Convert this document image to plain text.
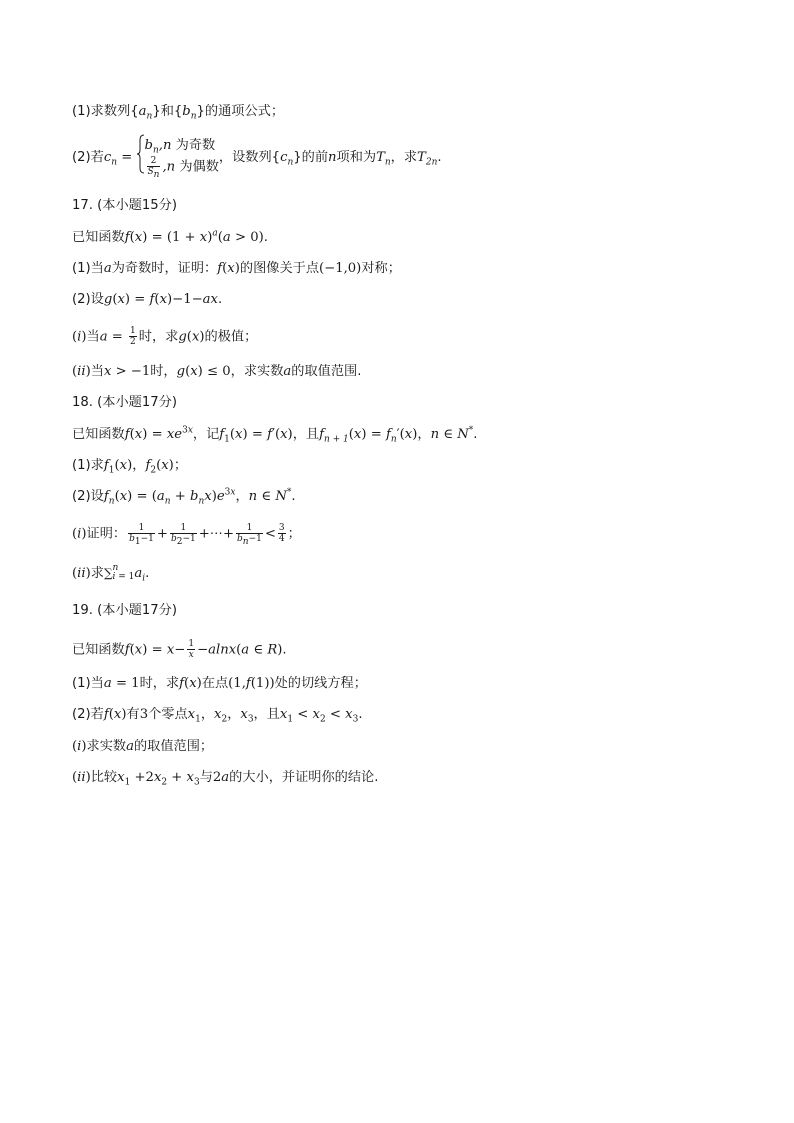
(1)求数列$\{a_n\}$和$\{b_n\}$的通项公式；
(2)若$c_n$ =
$b_n,n$ 为奇数
$\frac{2}{S_n} ,n$ 为偶数
，设数列$\{c_n\}$的前n项和为$T_n$，求$T_{2n}$.
17. (本小题15分)
已知函数$f(x) = (1 + x)^a(a > 0)$.
(1)当a为奇数时，证明：f(x)的图像关于点(−1,0)对称；
(2)设g(x) = f(x)−1−ax.
(i)当$a = \frac{1}{2}$ 时，求g(x)的极值；
(ii)当x > −1时，g(x) ≤ 0，求实数a的取值范围.
18. (本小题17分)
已知函数$f(x) = xe^{3x}$，记$f_1(x) = f'(x)$，且$f_{n + 1}(x) = f_n'(x)$，n ∈ N*.
(1)求$f_1(x)$，$f_2(x)$；
(2)设$f_n(x) = (a_n + b_nx)e^{3x}$，n ∈ N*.
(i)证明： $\frac{1}{b_1-1} + \frac{1}{b_2-1}$ +⋯+ $\frac{1}{b_n-1} < \frac{3}{4}$ ；
(ii)求∑ n
i = 1 $a_i$.
19. (本小题17分)
已知函数$f(x) = x- \frac{1}{x} -alnx(a$ ∈ R).
(1)当a = 1时，求f(x)在点(1,f(1))处的切线方程；
(2)若f(x)有3个零点$x_1$，$x_2$，$x_3$，且$x_1 < x_2 < x_3$.
(i)求实数a的取值范围；
(ii)比较$x_1 +2x_2 + x_3$与2a的大小，并证明你的结论.
